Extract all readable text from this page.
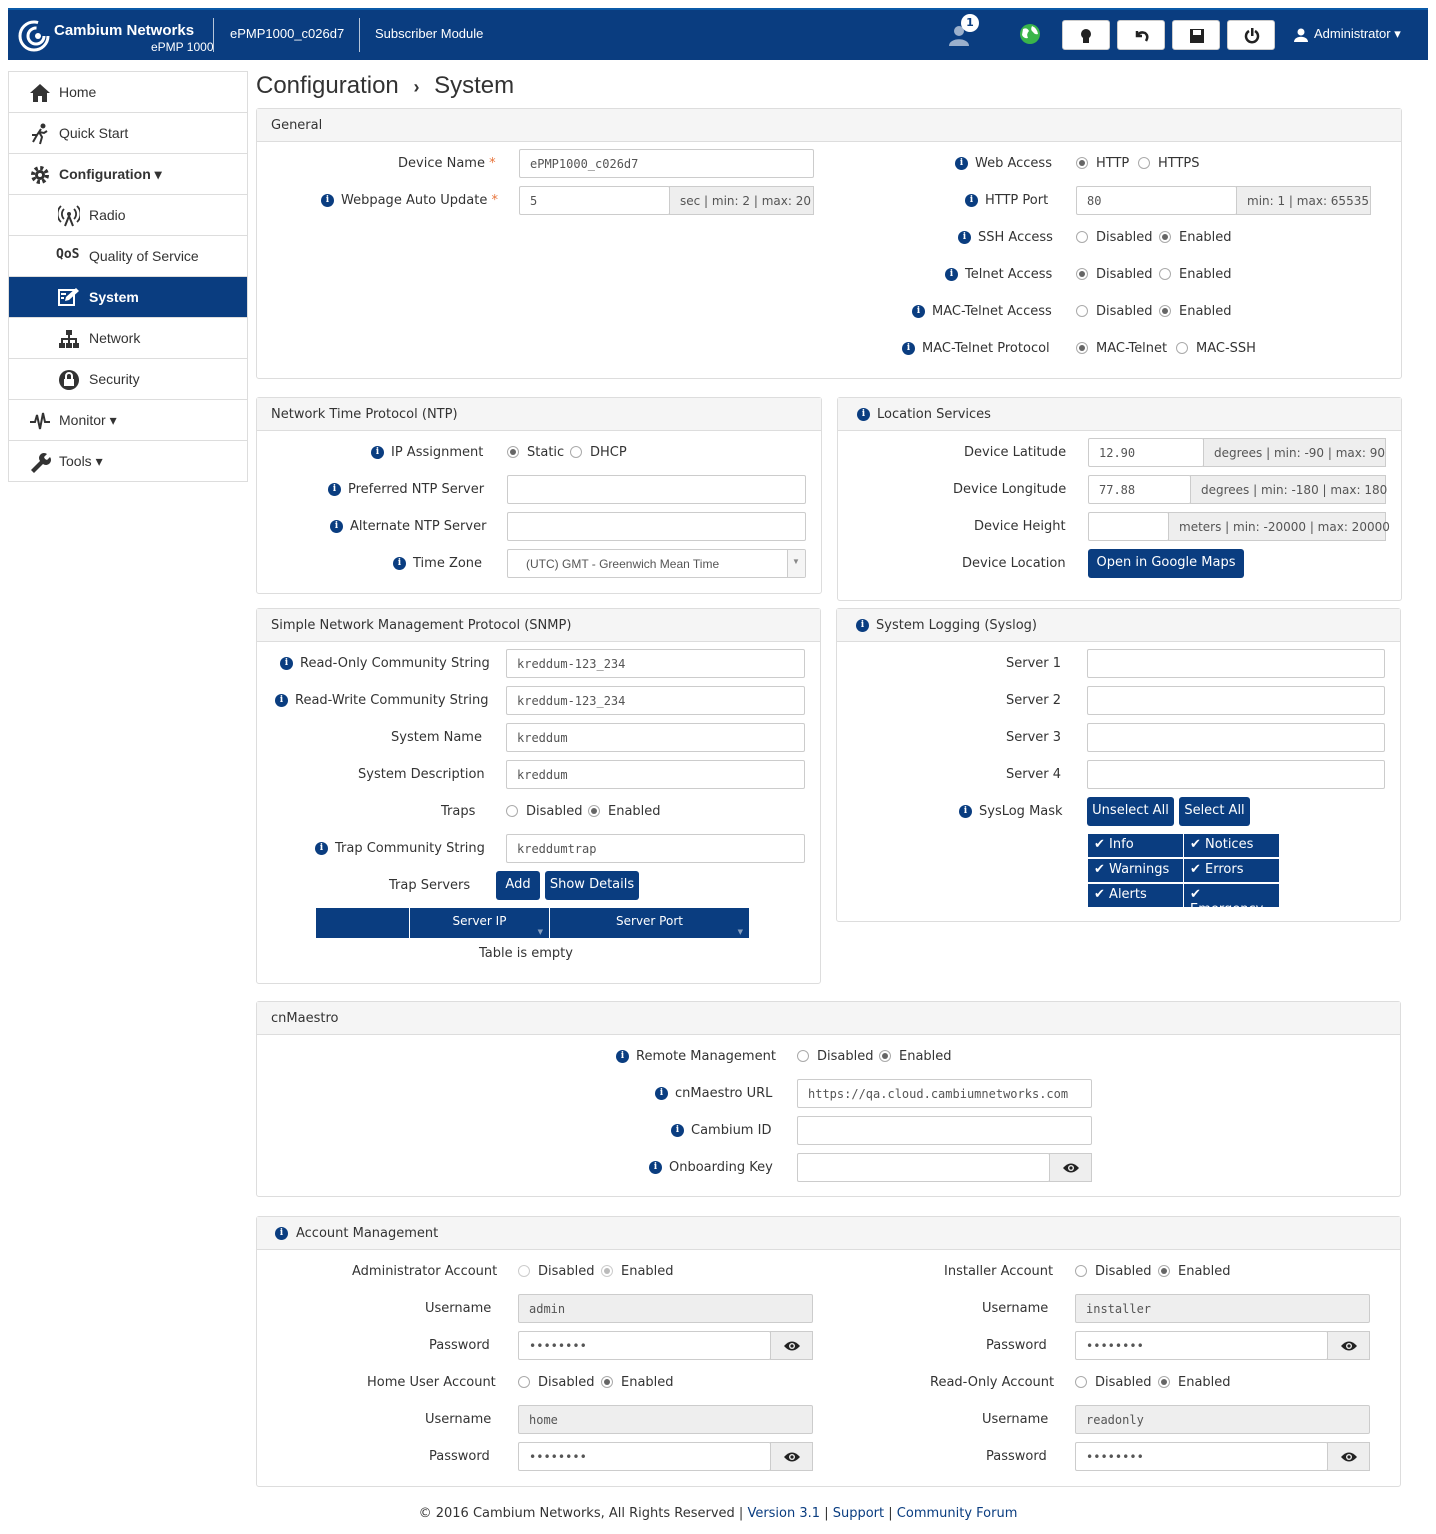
Cambium Networks
ePMP 1000
ePMP1000_c026d7 Subscriber Module
1
Administrator ▾
Home
Quick Start
Configuration ▾
Radio
QoS Quality of Service
System
Network
Security
Monitor ▾
Tools ▾
Configuration › System
General
Device Name *	ePMP1000_c026d7
i Webpage Auto Update *	5	sec | min: 2 | max: 20
i Web Access	HTTP HTTPS
i HTTP Port	80	min: 1 | max: 65535
i SSH Access	Disabled Enabled
i Telnet Access	Disabled Enabled
i MAC-Telnet Access	Disabled Enabled
i MAC-Telnet Protocol	MAC-Telnet MAC-SSH
Network Time Protocol (NTP)
i IP Assignment	Static DHCP
i Preferred NTP Server
i Alternate NTP Server
i Time Zone	(UTC) GMT - Greenwich Mean Time	▼
Location Services
i
Device Latitude	12.90	degrees | min: -90 | max: 90
Device Longitude	77.88	degrees | min: -180 | max: 180
Device Height	meters | min: -20000 | max: 20000
Device Location	Open in Google Maps
Simple Network Management Protocol (SNMP)
i Read-Only Community String	kreddum-123_234
i Read-Write Community String	kreddum-123_234
System Name	kreddum
System Description	kreddum
Traps	Disabled Enabled
i Trap Community String	kreddumtrap
Trap Servers	Add	Show Details
Server IP
▼
Server Port
▼
Table is empty
System Logging (Syslog)
i
Server 1
Server 2
Server 3
Server 4
i SysLog Mask	Unselect All	Select All
✔ Info	✔ Notices
✔ Warnings	✔ Errors
✔ Alerts	✔ Emergency
cnMaestro
i Remote Management	Disabled Enabled
i cnMaestro URL	https://qa.cloud.cambiumnetworks.com
i Cambium ID
i Onboarding Key
Account Management
i
Administrator Account	Disabled Enabled
Username	admin
Password	••••••••
Home User Account	Disabled Enabled
Username	home
Password	••••••••
Installer Account	Disabled Enabled
Username	installer
Password	••••••••
Read-Only Account	Disabled Enabled
Username	readonly
Password	••••••••
© 2016 Cambium Networks, All Rights Reserved | Version 3.1 | Support | Community Forum
